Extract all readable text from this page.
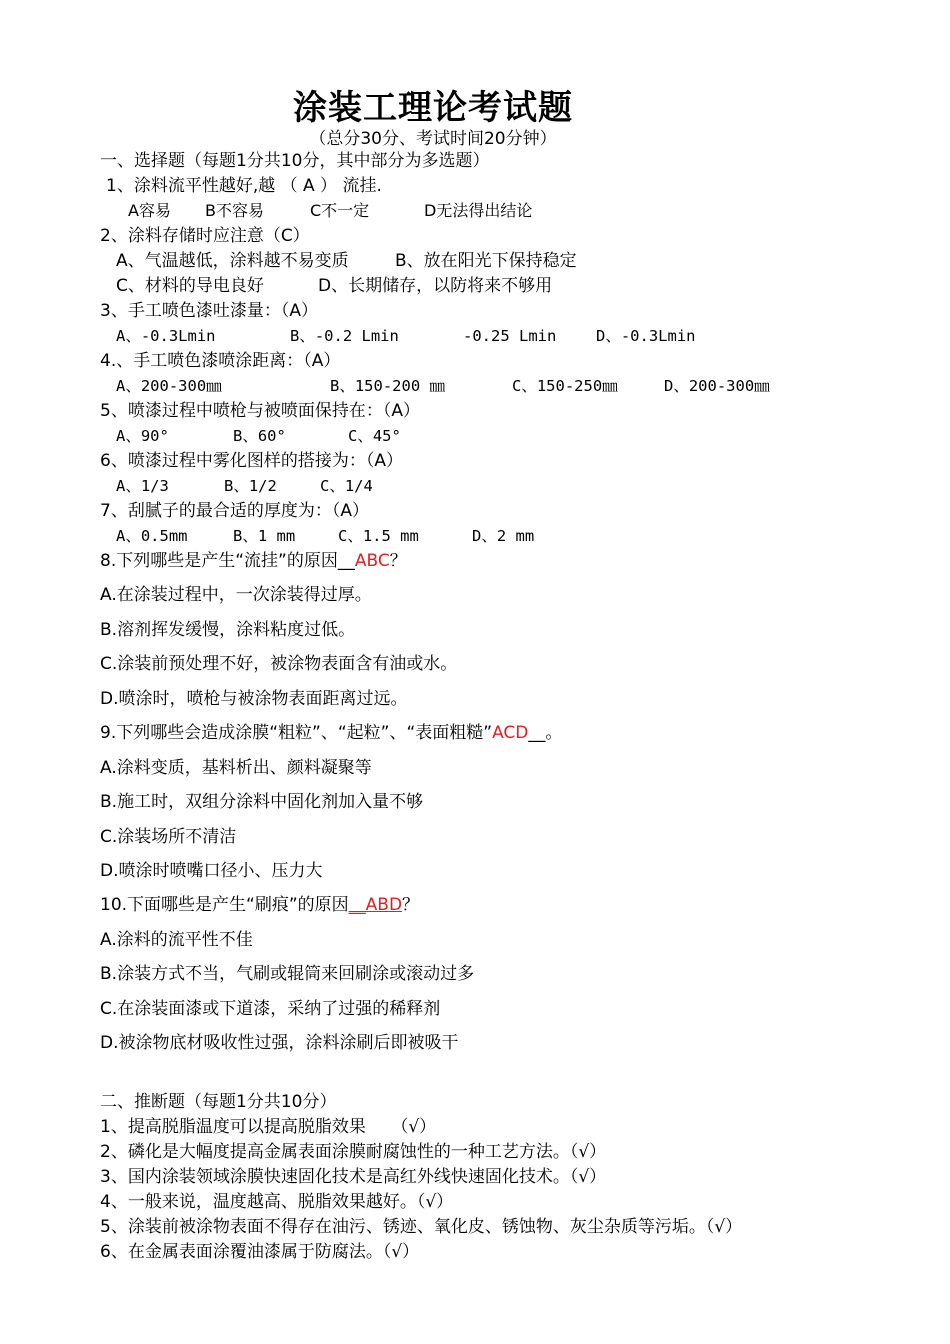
涂装工理论考试题
（总分30分、考试时间20分钟）
一、选择题（每题1分共10分，其中部分为多选题）
1、涂料流平性越好,越 （ A ） 流挂.
A容易 B不容易	C不一定	D无法得出结论
2、涂料存储时应注意（C）
A、气温越低，涂料越不易变质	B、放在阳光下保持稳定
C、材料的导电良好	D、长期储存，以防将来不够用
3、手工喷色漆吐漆量：（A）
A、-0.3Lmin	B、-0.2 Lmin	-0.25 Lmin	D、-0.3Lmin
4.、手工喷色漆喷涂距离：（A）
A、200-300㎜	B、150-200 ㎜	C、150-250㎜	D、200-300㎜
5、喷漆过程中喷枪与被喷面保持在：（A）
A、90°	B、60°	C、45°
6、喷漆过程中雾化图样的搭接为：（A）
A、1/3	B、1/2	C、1/4
7、刮腻子的最合适的厚度为：（A）
A、0.5mm	B、1 mm	C、1.5 mm	D、2 mm
8.下列哪些是产生“流挂”的原因__ABC？
A.在涂装过程中，一次涂装得过厚。
B.溶剂挥发缓慢，涂料粘度过低。
C.涂装前预处理不好，被涂物表面含有油或水。
D.喷涂时，喷枪与被涂物表面距离过远。
9.下列哪些会造成涂膜“粗粒”、“起粒”、“表面粗糙”ACD__。
A.涂料变质，基料析出、颜料凝聚等
B.施工时，双组分涂料中固化剂加入量不够
C.涂装场所不清洁
D.喷涂时喷嘴口径小、压力大
10.下面哪些是产生“刷痕”的原因__ABD？
A.涂料的流平性不佳
B.涂装方式不当，气刷或辊筒来回刷涂或滚动过多
C.在涂装面漆或下道漆，采纳了过强的稀释剂
D.被涂物底材吸收性过强，涂料涂刷后即被吸干
二、推断题（每题1分共10分）
1、提高脱脂温度可以提高脱脂效果　　（√）
2、磷化是大幅度提高金属表面涂膜耐腐蚀性的一种工艺方法。（√）
3、国内涂装领域涂膜快速固化技术是高红外线快速固化技术。（√）
4、一般来说，温度越高、脱脂效果越好。（√）
5、涂装前被涂物表面不得存在油污、锈迹、氧化皮、锈蚀物、灰尘杂质等污垢。（√）
6、在金属表面涂覆油漆属于防腐法。（√）
